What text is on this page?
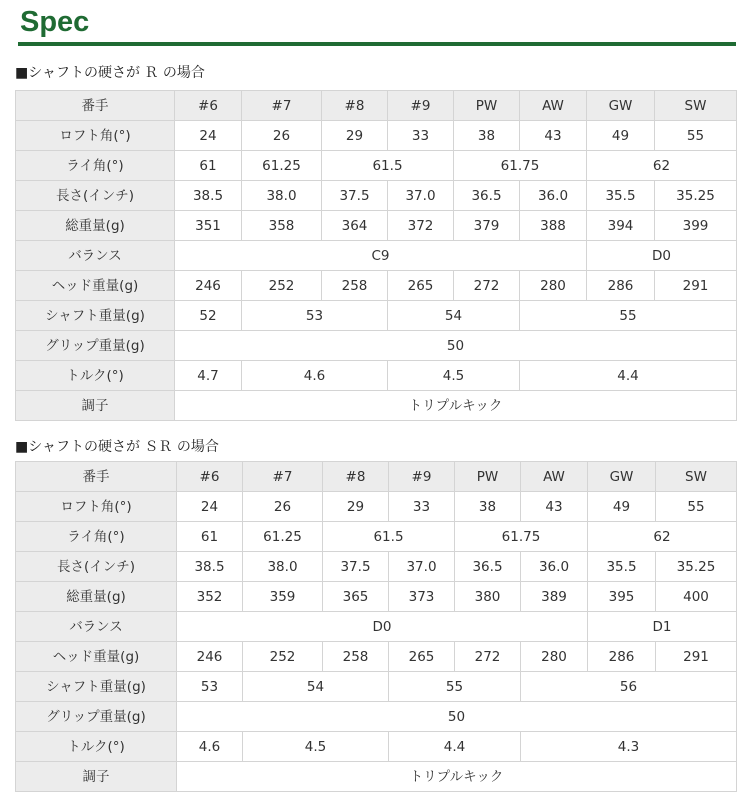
Spec
■シャフトの硬さが Ｒ の場合
番手	#6	#7	#8	#9	PW	AW	GW	SW
ロフト角(°)	24	26	29	33	38	43	49	55
ライ角(°)	61	61.25	61.5		61.75		62	
長さ(インチ)	38.5	38.0	37.5	37.0	36.5	36.0	35.5	35.25
総重量(g)	351	358	364	372	379	388	394	399
バランス	C9						D0	
ヘッド重量(g)	246	252	258	265	272	280	286	291
シャフト重量(g)	52	53		54		55		
グリップ重量(g)	50							
トルク(°)	4.7	4.6		4.5		4.4		
調子	トリプルキック							
■シャフトの硬さが ＳＲ の場合
番手	#6	#7	#8	#9	PW	AW	GW	SW
ロフト角(°)	24	26	29	33	38	43	49	55
ライ角(°)	61	61.25	61.5		61.75		62	
長さ(インチ)	38.5	38.0	37.5	37.0	36.5	36.0	35.5	35.25
総重量(g)	352	359	365	373	380	389	395	400
バランス	D0						D1	
ヘッド重量(g)	246	252	258	265	272	280	286	291
シャフト重量(g)	53	54		55		56		
グリップ重量(g)	50							
トルク(°)	4.6	4.5		4.4		4.3		
調子	トリプルキック							
